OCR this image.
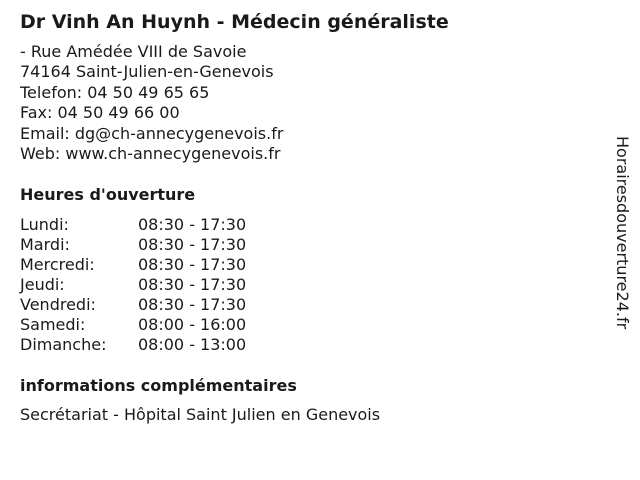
Dr Vinh An Huynh - Médecin généraliste
- Rue Amédée VIII de Savoie
74164 Saint-Julien-en-Genevois
Telefon: 04 50 49 65 65
Fax: 04 50 49 66 00
Email: dg@ch-annecygenevois.fr
Web: www.ch-annecygenevois.fr
Heures d'ouverture
Lundi:	08:30 - 17:30
Mardi:	08:30 - 17:30
Mercredi:	08:30 - 17:30
Jeudi:	08:30 - 17:30
Vendredi:	08:30 - 17:30
Samedi:	08:00 - 16:00
Dimanche:	08:00 - 13:00
informations complémentaires
Secrétariat - Hôpital Saint Julien en Genevois
Horairesdouverture24.fr
